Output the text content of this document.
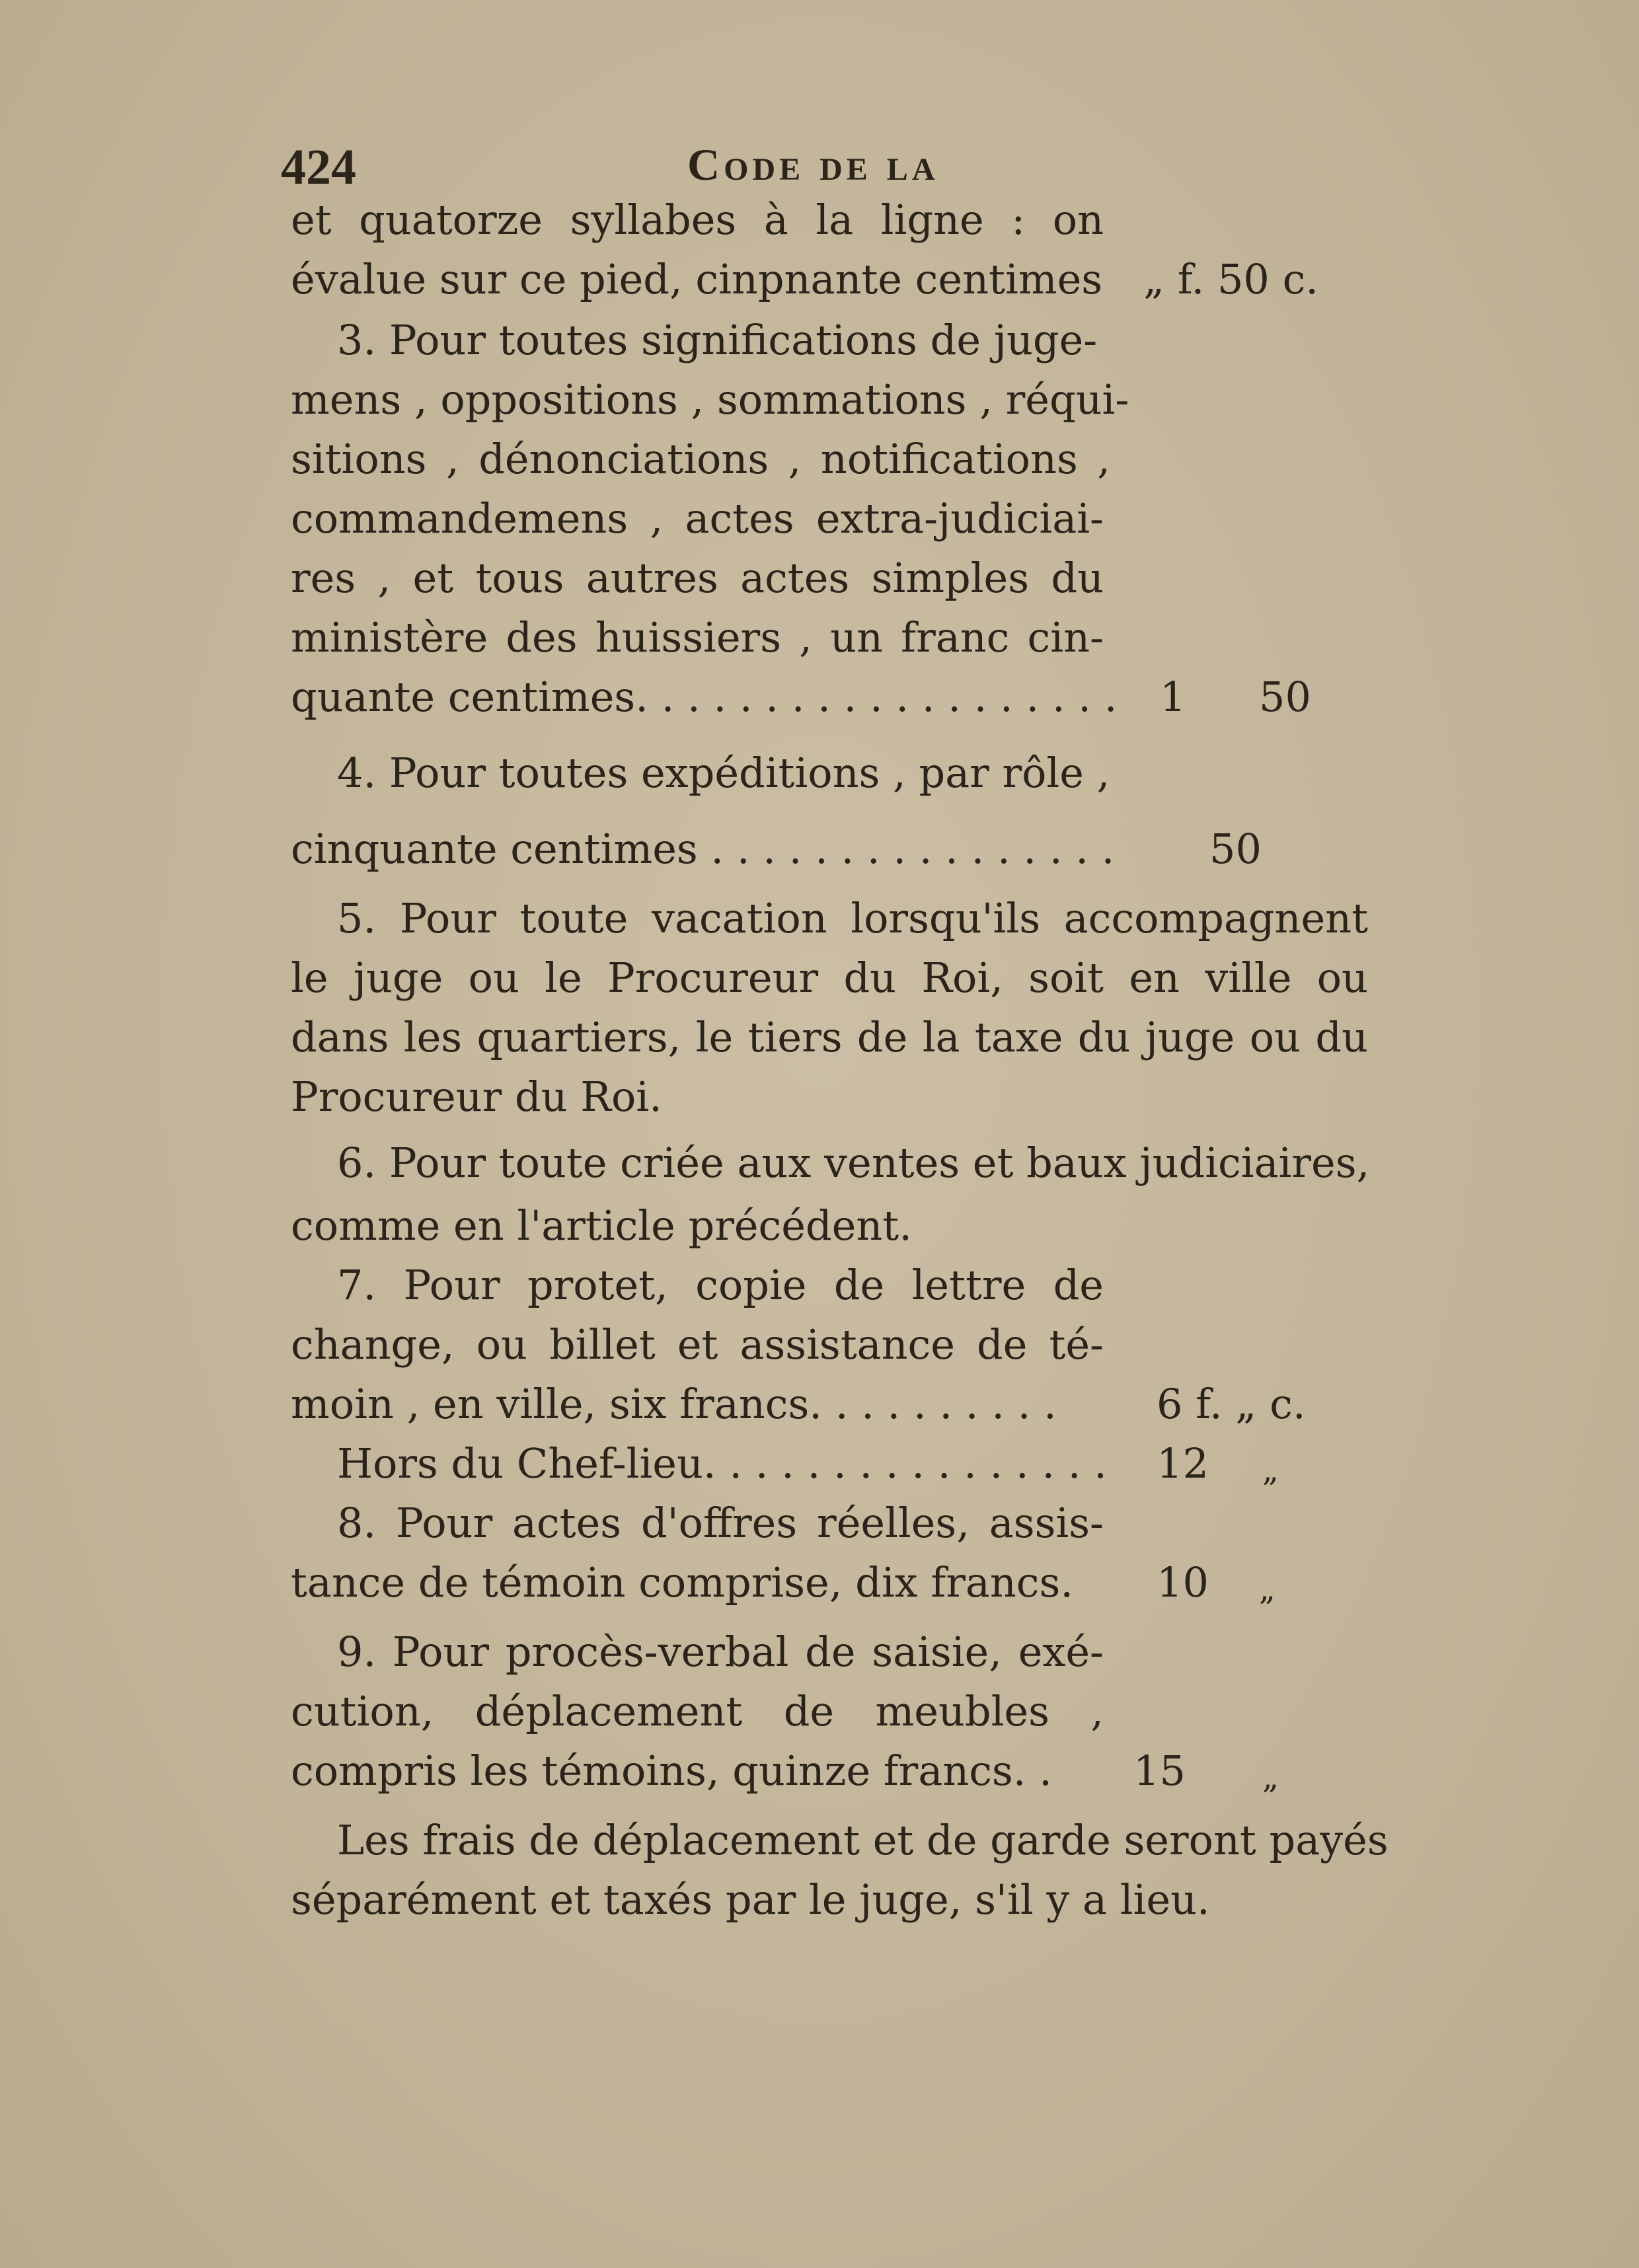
424	Code de la
et quatorze syllabes à la ligne : on
évalue sur ce pied, cinpnante centimes
3. Pour toutes significations de juge-
mens , oppositions , sommations , réqui-
sitions , dénonciations , notifications ,
commandemens , actes extra-judiciai-
res , et tous autres actes simples du
ministère des huissiers , un franc cin-
quante centimes. . . . . . . . . . . . . . . . . . .
4. Pour toutes expéditions , par rôle ,
cinquante centimes . . . . . . . . . . . . . . . .
5. Pour toute vacation lorsqu'ils accompagnent
le juge ou le Procureur du Roi, soit en ville ou
dans les quartiers, le tiers de la taxe du juge ou du
Procureur du Roi.
6. Pour toute criée aux ventes et baux judiciaires,
comme en l'article précédent.
7. Pour protet, copie de lettre de
change, ou billet et assistance de té-
moin , en ville, six francs. . . . . . . . . .
Hors du Chef-lieu. . . . . . . . . . . . . . . .
8. Pour actes d'offres réelles, assis-
tance de témoin comprise, dix francs.
9. Pour procès-verbal de saisie, exé-
cution, déplacement de meubles ,
compris les témoins, quinze francs. .
Les frais de déplacement et de garde seront payés
séparément et taxés par le juge, s'il y a lieu.
„ f. 50 c.
1 50
50
6 f. „ c.
12 „
10 „
15 „
